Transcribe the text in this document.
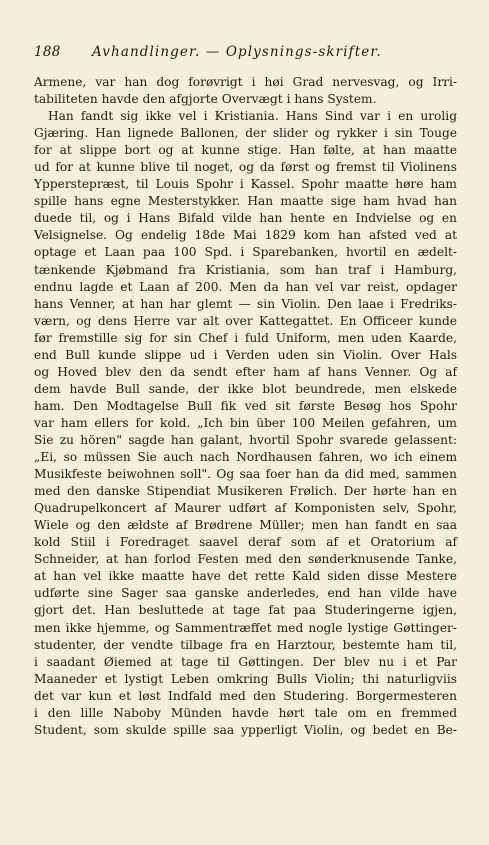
188 Avhandlinger. — Oplysnings-skrifter.
Armene, var han dog forøvrigt i høi Grad nervesvag, og Irri-
tabiliteten havde den afgjorte Overvægt i hans System.
Han fandt sig ikke vel i Kristiania. Hans Sind var i en urolig
Gjæring. Han lignede Ballonen, der slider og rykker i sin Touge
for at slippe bort og at kunne stige. Han følte, at han maatte
ud for at kunne blive til noget, og da først og fremst til Violinens
Ypperstepræst, til Louis Spohr i Kassel. Spohr maatte høre ham
spille hans egne Mesterstykker. Han maatte sige ham hvad han
duede til, og i Hans Bifald vilde han hente en Indvielse og en
Velsignelse. Og endelig 18de Mai 1829 kom han afsted ved at
optage et Laan paa 100 Spd. i Sparebanken, hvortil en ædelt-
tænkende Kjøbmand fra Kristiania, som han traf i Hamburg,
endnu lagde et Laan af 200. Men da han vel var reist, opdager
hans Venner, at han har glemt — sin Violin. Den laae i Fredriks-
værn, og dens Herre var alt over Kattegattet. En Officeer kunde
før fremstille sig for sin Chef i fuld Uniform, men uden Kaarde,
end Bull kunde slippe ud i Verden uden sin Violin. Over Hals
og Hoved blev den da sendt efter ham af hans Venner. Og af
dem havde Bull sande, der ikke blot beundrede, men elskede
ham. Den Modtagelse Bull fik ved sit første Besøg hos Spohr
var ham ellers for kold. „Ich bin über 100 Meilen gefahren, um
Sie zu hören" sagde han galant, hvortil Spohr svarede gelassent:
„Ei, so müssen Sie auch nach Nordhausen fahren, wo ich einem
Musikfeste beiwohnen soll". Og saa foer han da did med, sammen
med den danske Stipendiat Musikeren Frølich. Der hørte han en
Quadrupelkoncert af Maurer udført af Komponisten selv, Spohr,
Wiele og den ældste af Brødrene Müller; men han fandt en saa
kold Stiil i Foredraget saavel deraf som af et Oratorium af
Schneider, at han forlod Festen med den sønderknusende Tanke,
at han vel ikke maatte have det rette Kald siden disse Mestere
udførte sine Sager saa ganske anderledes, end han vilde have
gjort det. Han besluttede at tage fat paa Studeringerne igjen,
men ikke hjemme, og Sammentræffet med nogle lystige Gøttinger-
studenter, der vendte tilbage fra en Harztour, bestemte ham til,
i saadant Øiemed at tage til Gøttingen. Der blev nu i et Par
Maaneder et lystigt Leben omkring Bulls Violin; thi naturligviis
det var kun et løst Indfald med den Studering. Borgermesteren
i den lille Naboby Münden havde hørt tale om en fremmed
Student, som skulde spille saa ypperligt Violin, og bedet en Be-
